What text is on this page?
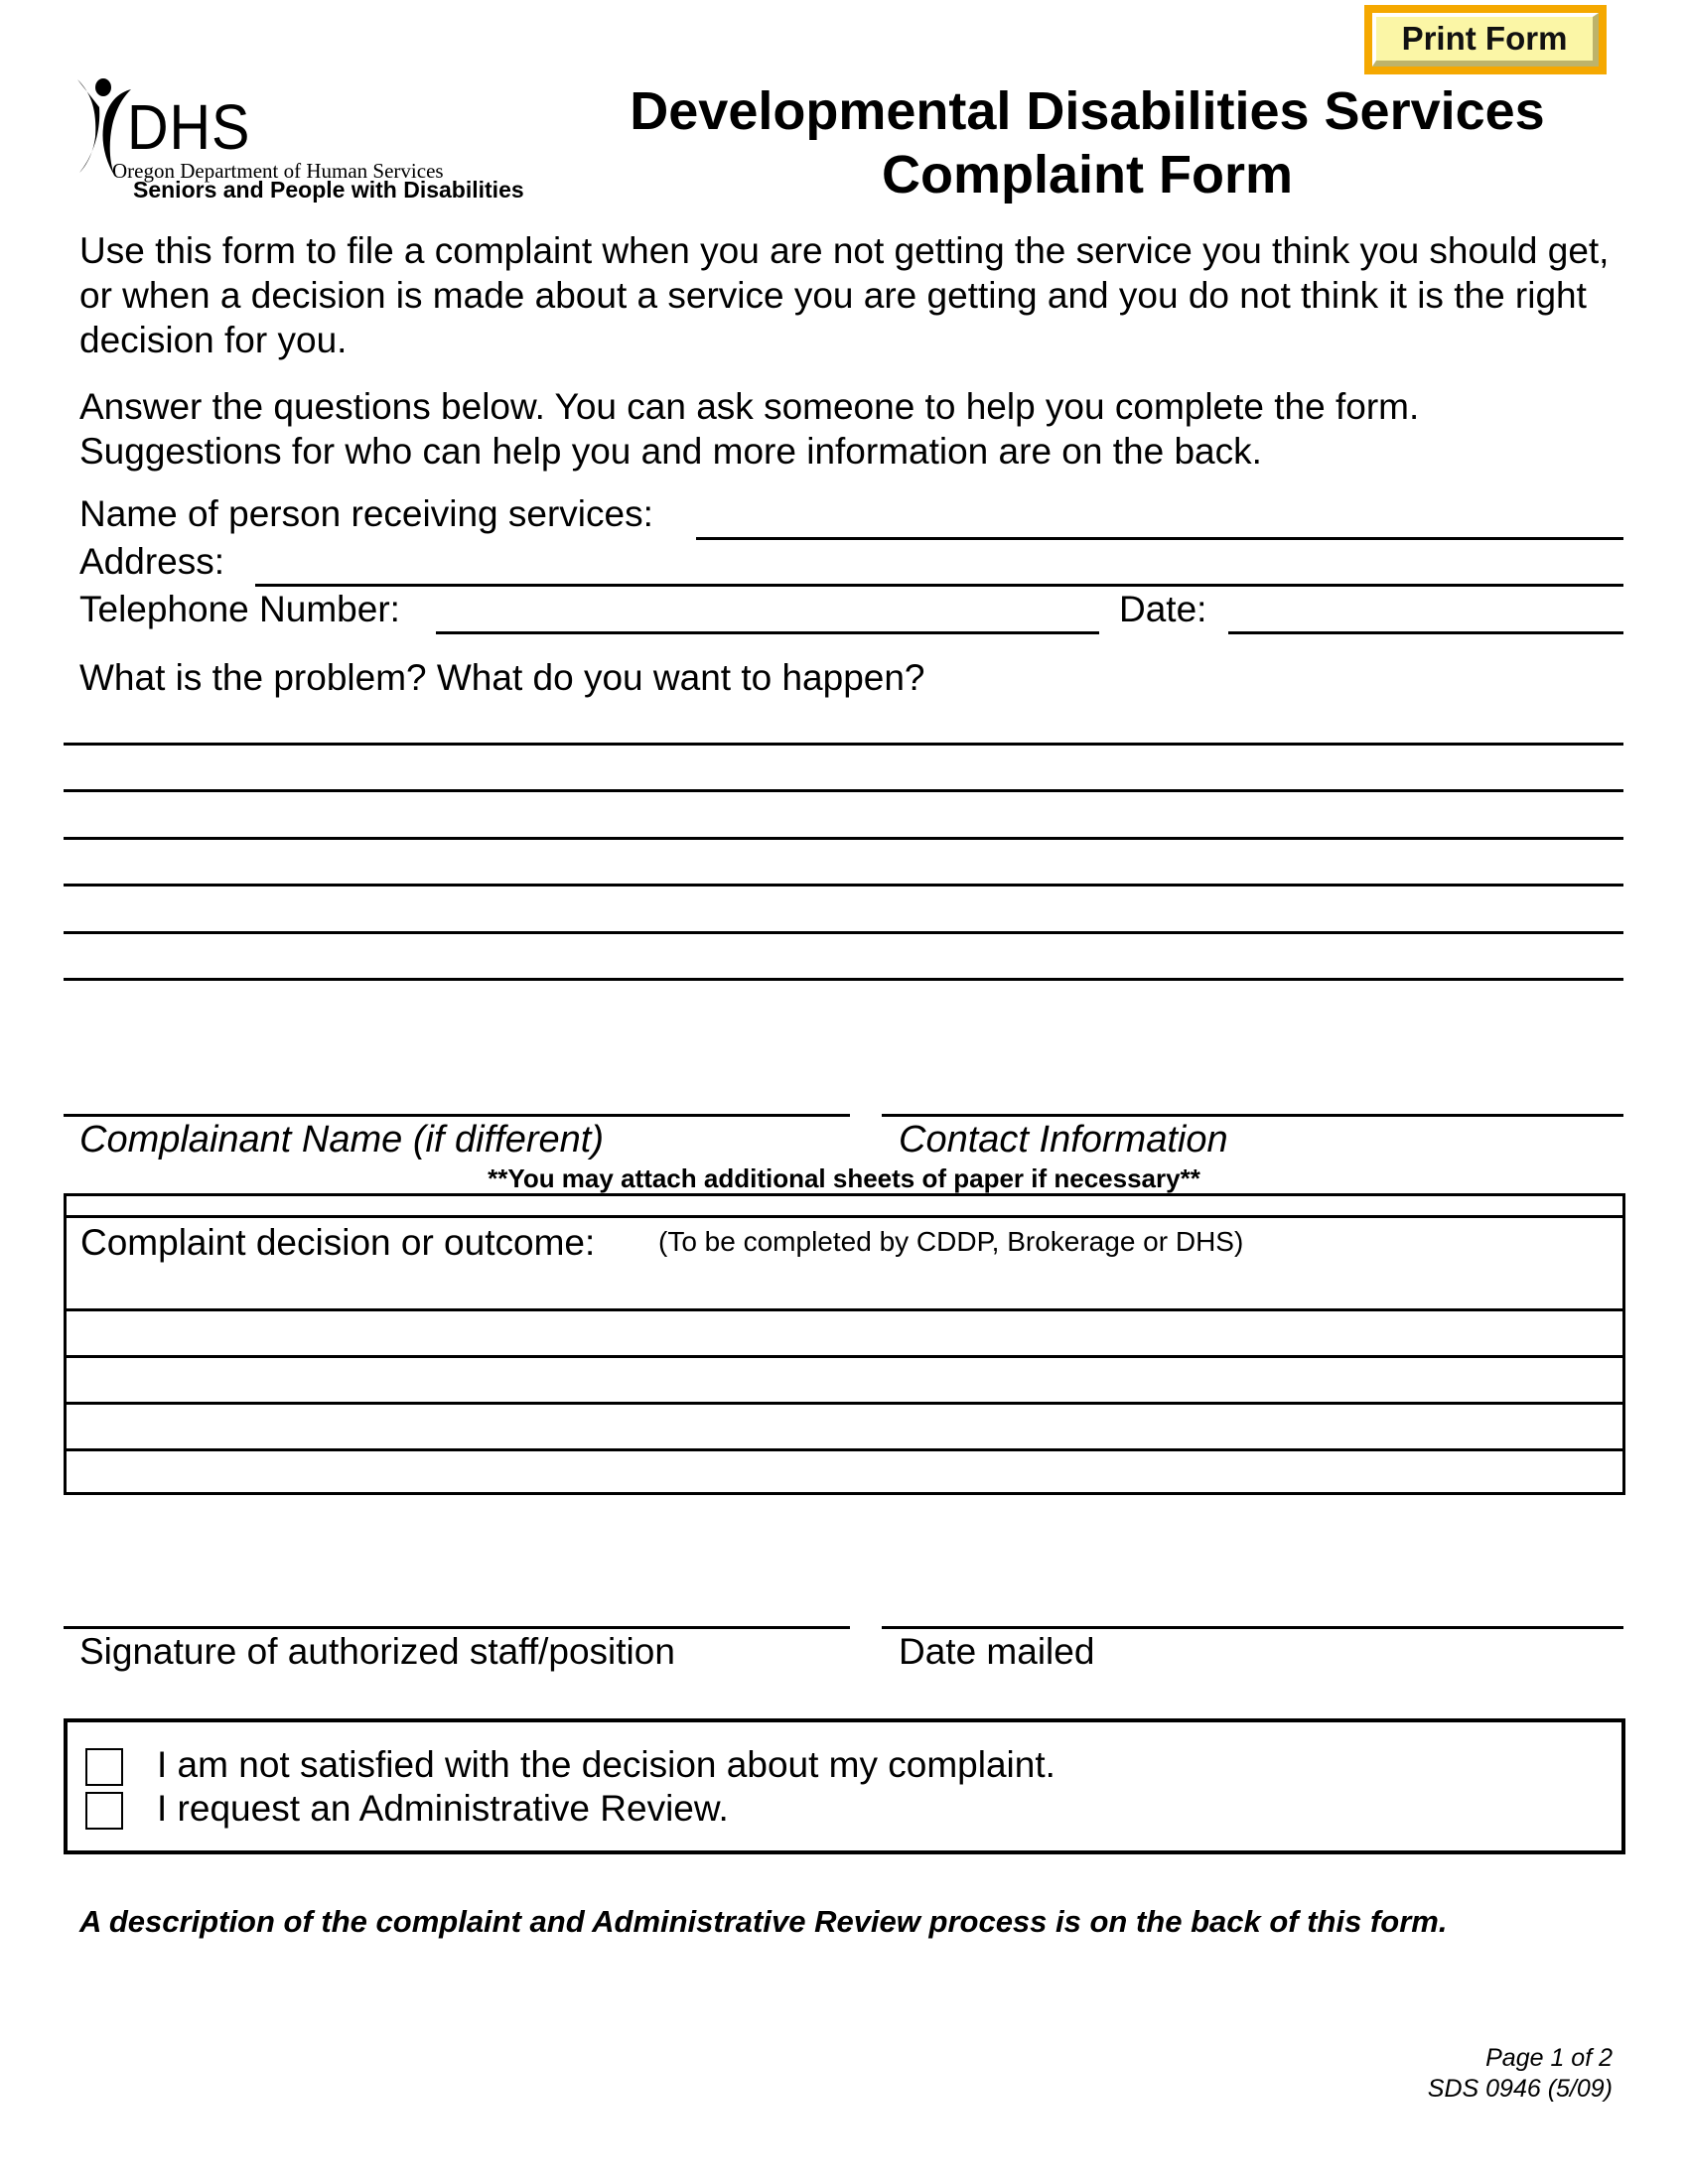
Print Form
DHS
Oregon Department of Human Services
Seniors and People with Disabilities
Developmental Disabilities Services
Complaint Form
Use this form to file a complaint when you are not getting the service you think you should get, or when a decision is made about a service you are getting and you do not think it is the right decision for you.
Answer the questions below. You can ask someone to help you complete the form. Suggestions for who can help you and more information are on the back.
Name of person receiving services:
Address:
Telephone Number:	Date:
What is the problem? What do you want to happen?
Complainant Name (if different)	Contact Information
**You may attach additional sheets of paper if necessary**
Complaint decision or outcome: (To be completed by CDDP, Brokerage or DHS)
Signature of authorized staff/position	Date mailed
I am not satisfied with the decision about my complaint.
I request an Administrative Review.
A description of the complaint and Administrative Review process is on the back of this form.
Page 1 of 2
SDS 0946 (5/09)
